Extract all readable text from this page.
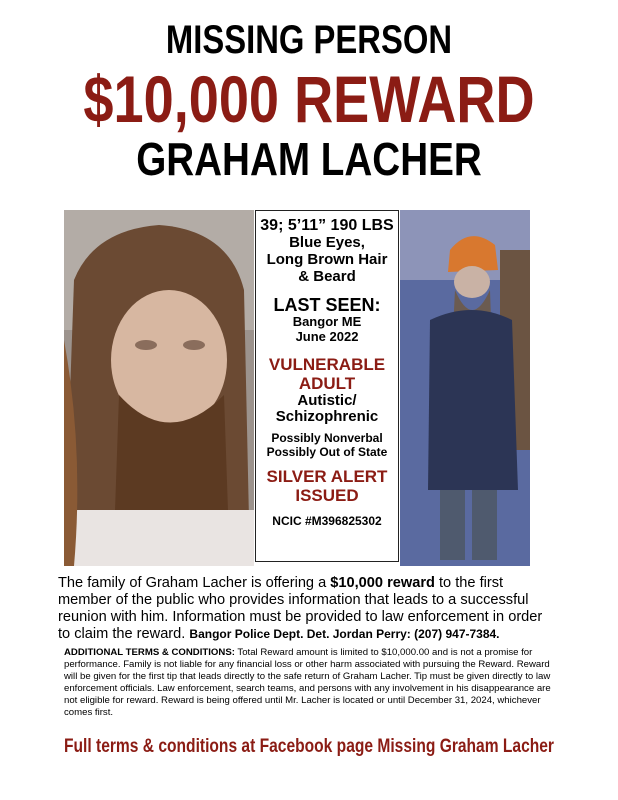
MISSING PERSON
$10,000 REWARD
GRAHAM LACHER
39; 5’11” 190 LBS
Blue Eyes,
Long Brown Hair
& Beard
LAST SEEN:
Bangor ME
June 2022
VULNERABLE
ADULT
Autistic/
Schizophrenic
Possibly Nonverbal
Possibly Out of State
SILVER ALERT
ISSUED
NCIC #M396825302
The family of Graham Lacher is offering a $10,000 reward to the first member of the public who provides information that leads to a successful reunion with him. Information must be provided to law enforcement in order to claim the reward. Bangor Police Dept. Det. Jordan Perry: (207) 947-7384.
ADDITIONAL TERMS & CONDITIONS: Total Reward amount is limited to $10,000.00 and is not a promise for performance. Family is not liable for any financial loss or other harm associated with pursuing the Reward. Reward will be given for the first tip that leads directly to the safe return of Graham Lacher. Tip must be given directly to law enforcement officials. Law enforcement, search teams, and persons with any involvement in his disappearance are not eligible for reward. Reward is being offered until Mr. Lacher is located or until December 31, 2024, whichever comes first.
Full terms & conditions at Facebook page Missing Graham Lacher
